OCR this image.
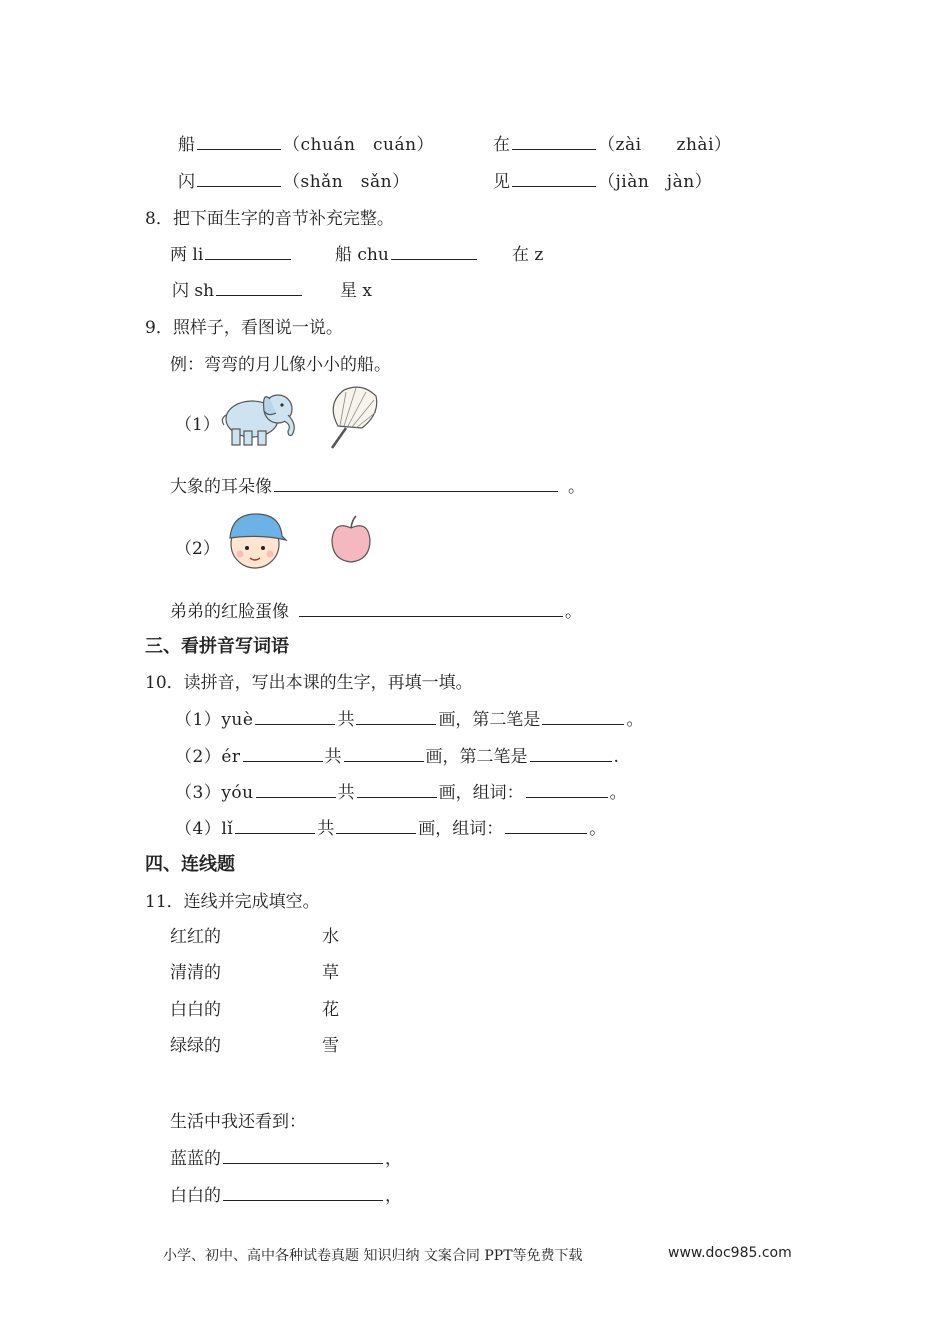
船	（chuán　cuán）	在	（zài　　zhài）
闪	（shǎn　sǎn）	见	（jiàn　jàn）
8．把下面生字的音节补充完整。
两 li	船 chu	在 z
闪 sh	星 x
9．照样子，看图说一说。
例：弯弯的月儿像小小的船。
（1）
大象的耳朵像	。
（2）
弟弟的红脸蛋像	。
三、看拼音写词语
10．读拼音，写出本课的生字，再填一填。
（1）yuè	共	画，第二笔是	。
（2）ér	共	画，第二笔是	.
（3）yóu	共	画，组词：	。
（4）lǐ	共	画，组词：	。
四、连线题
11．连线并完成填空。
红红的	水
清清的	草
白白的	花
绿绿的	雪
生活中我还看到：
蓝蓝的	，
白白的	，
小学、初中、高中各种试卷真题 知识归纳 文案合同 PPT等免费下载	www.doc985.com
